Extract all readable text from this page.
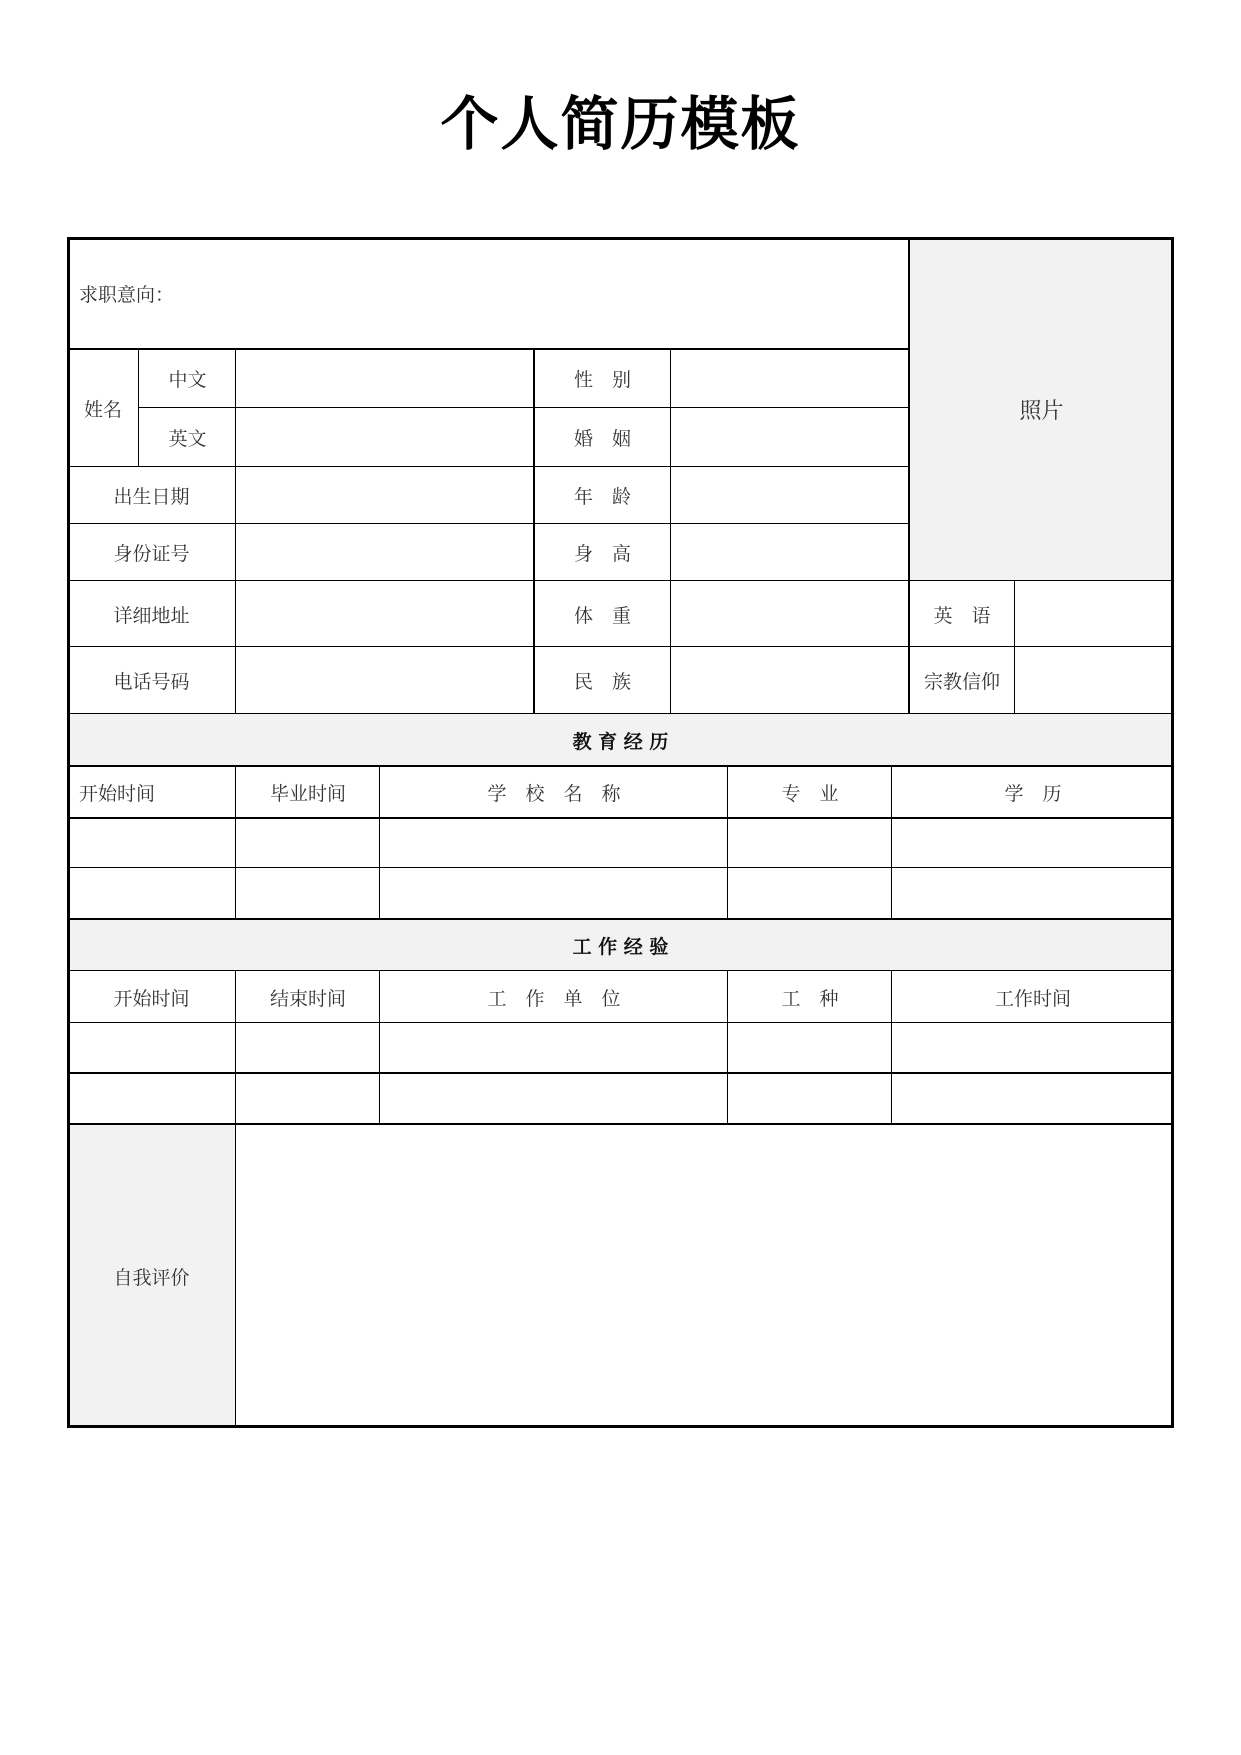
个人简历模板
照片
求职意向：
姓名
中文	性　别
英文	婚　姻
出生日期	年　龄
身份证号	身　高
详细地址	体　重	英　语
电话号码	民　族	宗教信仰
教 育 经 历
开始时间	毕业时间	学　校　名　称	专　业	学　历
工 作 经 验
开始时间	结束时间	工　作　单　位	工　种	工作时间
自我评价
